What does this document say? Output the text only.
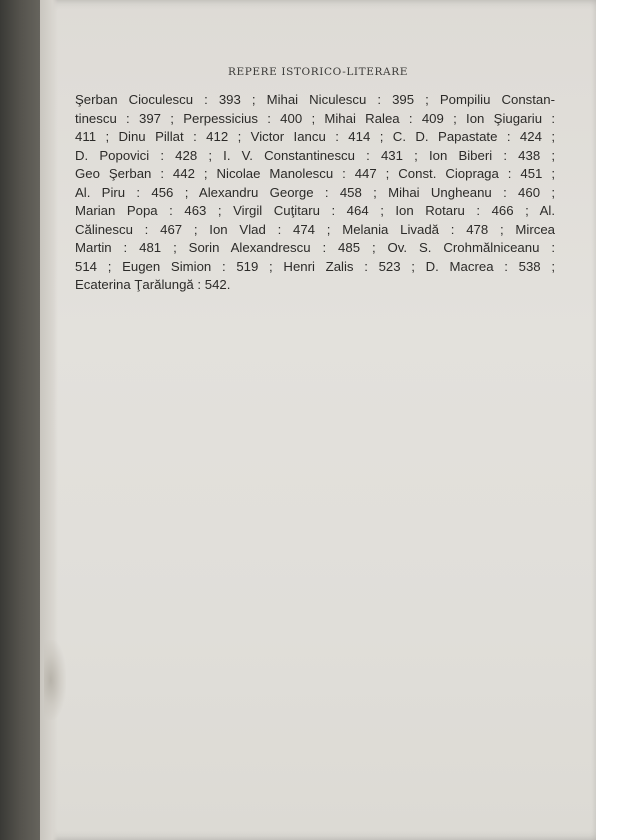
REPERE ISTORICO-LITERARE
Şerban Cioculescu : 393 ; Mihai Niculescu : 395 ; Pompiliu Constan-
tinescu : 397 ; Perpessicius : 400 ; Mihai Ralea : 409 ; Ion Şiugariu :
411 ; Dinu Pillat : 412 ; Victor Iancu : 414 ; C. D. Papastate : 424 ;
D. Popovici : 428 ; I. V. Constantinescu : 431 ; Ion Biberi : 438 ;
Geo Şerban : 442 ; Nicolae Manolescu : 447 ; Const. Ciopraga : 451 ;
Al. Piru : 456 ; Alexandru George : 458 ; Mihai Ungheanu : 460 ;
Marian Popa : 463 ; Virgil Cuţitaru : 464 ; Ion Rotaru : 466 ; Al.
Călinescu : 467 ; Ion Vlad : 474 ; Melania Livadă : 478 ; Mircea
Martin : 481 ; Sorin Alexandrescu : 485 ; Ov. S. Crohmălniceanu :
514 ; Eugen Simion : 519 ; Henri Zalis : 523 ; D. Macrea : 538 ;
Ecaterina Ţarălungă : 542.
